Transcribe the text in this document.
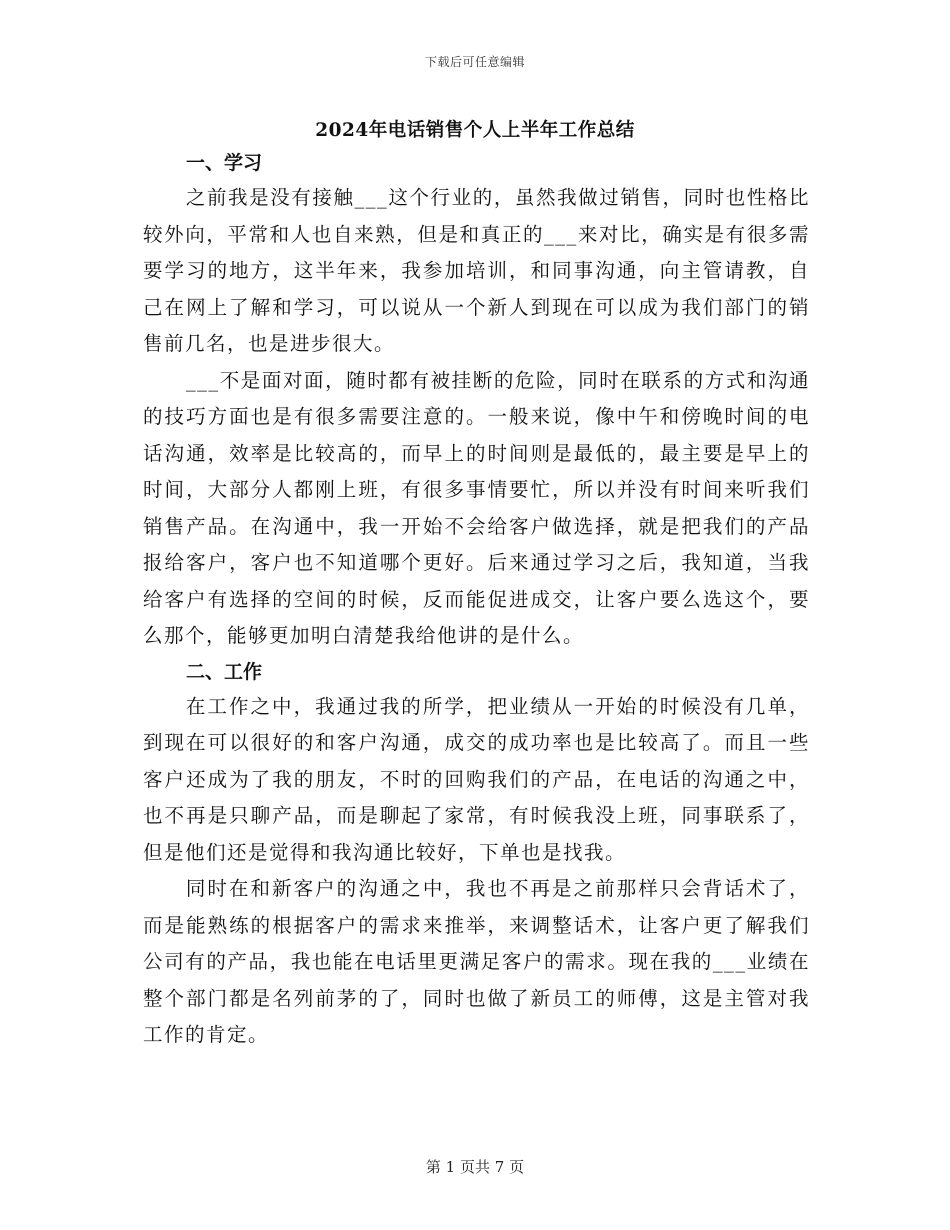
下载后可任意编辑
2024年电话销售个人上半年工作总结

一、学习

之前我是没有接触___这个行业的，虽然我做过销售，同时也性格比较外向，平常和人也自来熟，但是和真正的___来对比，确实是有很多需要学习的地方，这半年来，我参加培训，和同事沟通，向主管请教，自己在网上了解和学习，可以说从一个新人到现在可以成为我们部门的销售前几名，也是进步很大。

___不是面对面，随时都有被挂断的危险，同时在联系的方式和沟通的技巧方面也是有很多需要注意的。一般来说，像中午和傍晚时间的电话沟通，效率是比较高的，而早上的时间则是最低的，最主要是早上的时间，大部分人都刚上班，有很多事情要忙，所以并没有时间来听我们销售产品。在沟通中，我一开始不会给客户做选择，就是把我们的产品报给客户，客户也不知道哪个更好。后来通过学习之后，我知道，当我给客户有选择的空间的时候，反而能促进成交，让客户要么选这个，要么那个，能够更加明白清楚我给他讲的是什么。

二、工作

在工作之中，我通过我的所学，把业绩从一开始的时候没有几单，到现在可以很好的和客户沟通，成交的成功率也是比较高了。而且一些客户还成为了我的朋友，不时的回购我们的产品，在电话的沟通之中，也不再是只聊产品，而是聊起了家常，有时候我没上班，同事联系了，但是他们还是觉得和我沟通比较好，下单也是找我。

同时在和新客户的沟通之中，我也不再是之前那样只会背话术了，而是能熟练的根据客户的需求来推举，来调整话术，让客户更了解我们公司有的产品，我也能在电话里更满足客户的需求。现在我的___业绩在整个部门都是名列前茅的了，同时也做了新员工的师傅，这是主管对我工作的肯定。

第 1 页共 7 页
